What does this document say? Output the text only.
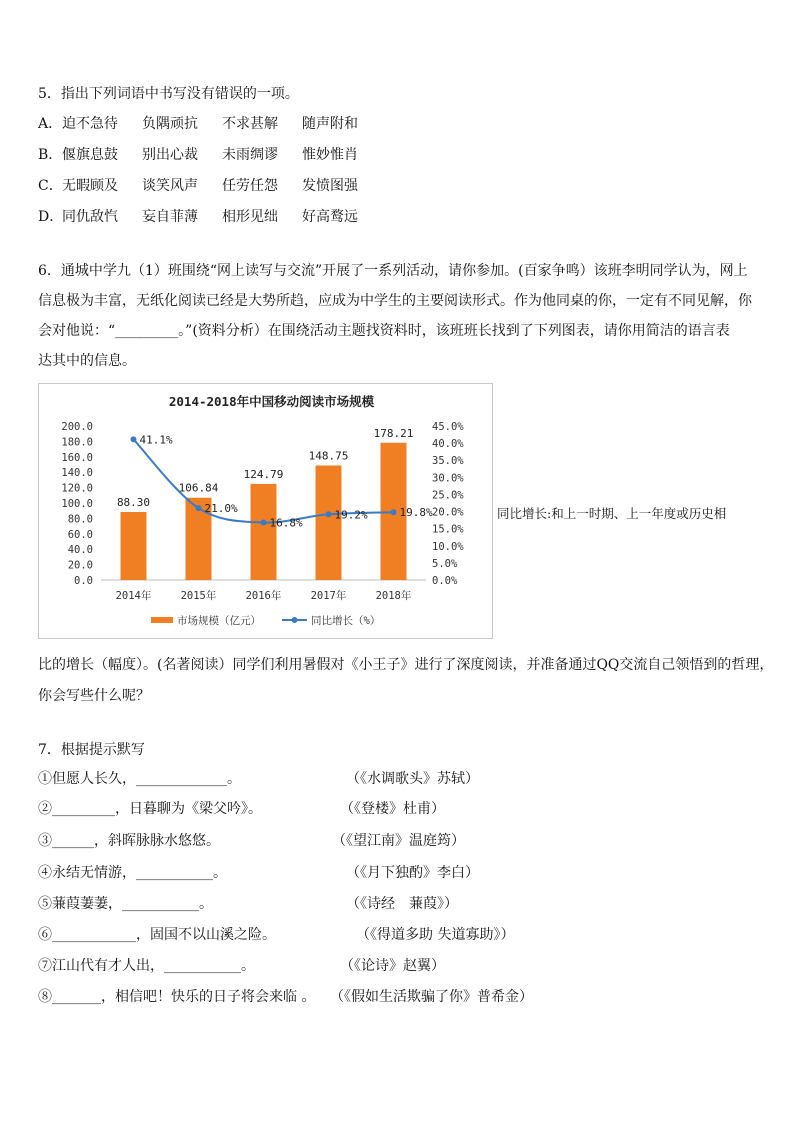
5．指出下列词语中书写没有错误的一项。
A．迫不急待 负隅顽抗 不求甚解 随声附和
B．偃旗息鼓 别出心裁 未雨绸谬 惟妙惟肖
C．无暇顾及 谈笑风声 任劳任怨 发愤图强
D．同仇敌忾 妄自菲薄 相形见绌 好高鹜远
6．通城中学九（1）班围绕“网上读写与交流”开展了一系列活动，请你参加。(百家争鸣）该班李明同学认为，网上
信息极为丰富，无纸化阅读已经是大势所趋，应成为中学生的主要阅读形式。作为他同桌的你，一定有不同见解，你
会对他说：“_________。”(资料分析）在围绕活动主题找资料时，该班班长找到了下列图表，请你用简洁的语言表
达其中的信息。
2014-2018年中国移动阅读市场规模
0.0
20.0
40.0
60.0
80.0
100.0
120.0
140.0
160.0
180.0
200.0
0.0%
5.0%
10.0%
15.0%
20.0%
25.0%
30.0%
35.0%
40.0%
45.0%
88.30
106.84
124.79
148.75
178.21
2014年	2015年	2016年	2017年	2018年
41.1%
21.0%
16.8%
19.2%	19.8%
市场规模（亿元）	同比增长（%）
同比增长:和上一时期、上一年度或历史相
比的增长（幅度）。(名著阅读）同学们利用暑假对《小王子》进行了深度阅读，并准备通过QQ交流自己领悟到的哲理，
你会写些什么呢？
7．根据提示默写
①但愿人长久，_____________。	（《水调歌头》苏轼）
②_________，日暮聊为《梁父吟》。	（《登楼》杜甫）
③______，斜晖脉脉水悠悠。	（《望江南》温庭筠）
④永结无情游，___________。	（《月下独酌》李白）
⑤蒹葭萋萋，___________。	（《诗经　蒹葭》）
⑥____________，固国不以山溪之险。	（《得道多助 失道寡助》）
⑦江山代有才人出，___________。	（《论诗》赵翼）
⑧_______，相信吧！快乐的日子将会来临 。 （《假如生活欺骗了你》普希金）
